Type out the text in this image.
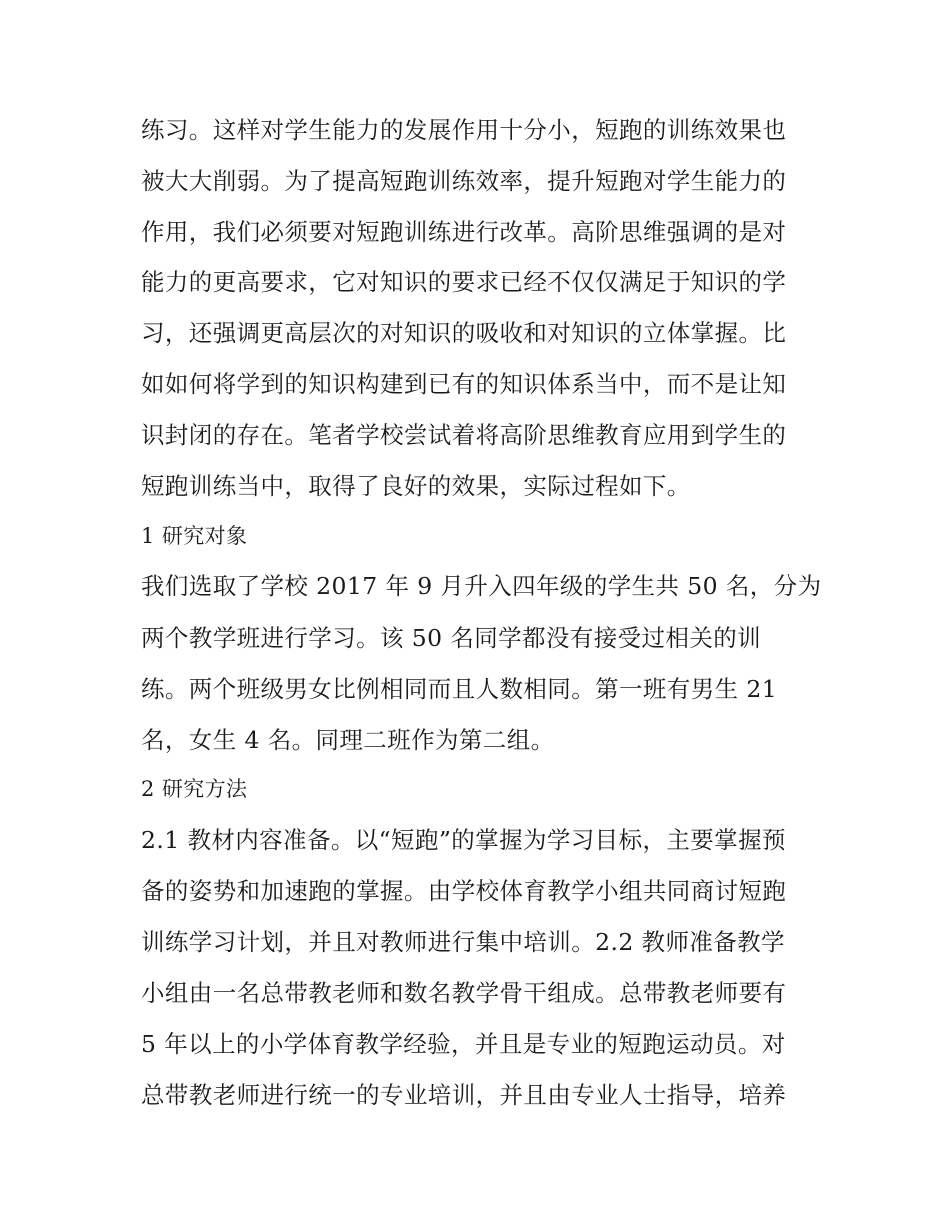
练习。这样对学生能力的发展作用十分小，短跑的训练效果也
被大大削弱。为了提高短跑训练效率，提升短跑对学生能力的
作用，我们必须要对短跑训练进行改革。高阶思维强调的是对
能力的更高要求，它对知识的要求已经不仅仅满足于知识的学
习，还强调更高层次的对知识的吸收和对知识的立体掌握。比
如如何将学到的知识构建到已有的知识体系当中，而不是让知
识封闭的存在。笔者学校尝试着将高阶思维教育应用到学生的
短跑训练当中，取得了良好的效果，实际过程如下。
1 研究对象
我们选取了学校 2017 年 9 月升入四年级的学生共 50 名，分为
两个教学班进行学习。该 50 名同学都没有接受过相关的训
练。两个班级男女比例相同而且人数相同。第一班有男生 21
名，女生 4 名。同理二班作为第二组。
2 研究方法
2.1 教材内容准备。以“短跑”的掌握为学习目标，主要掌握预
备的姿势和加速跑的掌握。由学校体育教学小组共同商讨短跑
训练学习计划，并且对教师进行集中培训。2.2 教师准备教学
小组由一名总带教老师和数名教学骨干组成。总带教老师要有
5 年以上的小学体育教学经验，并且是专业的短跑运动员。对
总带教老师进行统一的专业培训，并且由专业人士指导，培养
